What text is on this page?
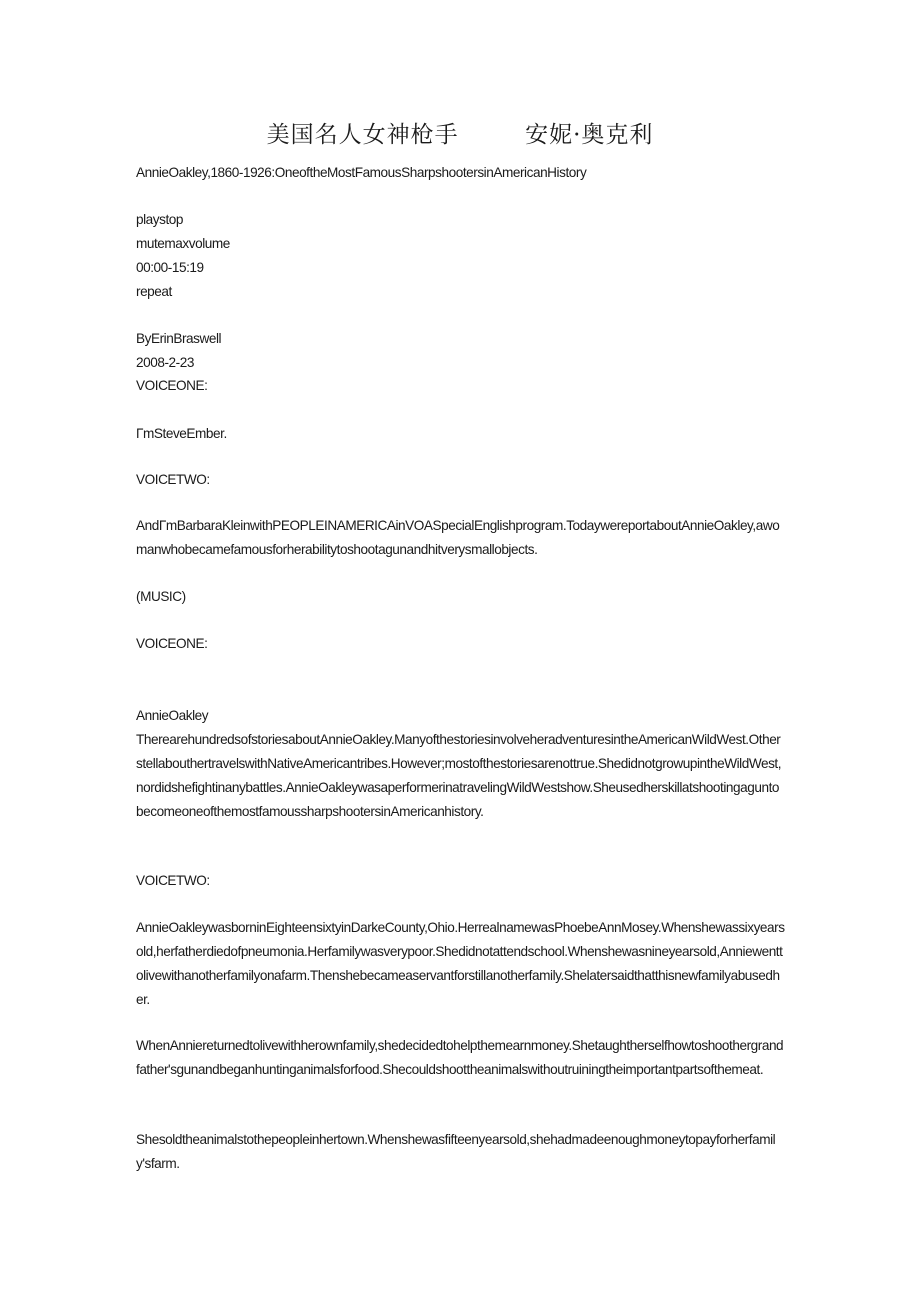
美国名人女神枪手        安妮·奥克利
AnnieOakley,1860-1926:OneoftheMostFamousSharpshootersinAmericanHistory
playstop
mutemaxvolume
00:00-15:19
repeat
ByErinBraswell
2008-2-23
VOICEONE:
ΓmSteveEmber.
VOICETWO:
AndΓmBarbaraKleinwithPEOPLEINAMERICAinVOASpecialEnglishprogram.TodaywereportaboutAnnieOakley,awomanwhobecamefamousforherabilitytoshootagunandhitverysmallobjects.
(MUSIC)
VOICEONE:
AnnieOakley
TherearehundredsofstoriesaboutAnnieOakley.ManyofthestoriesinvolveheradventuresintheAmericanWildWest.OtherstellabouthertravelswithNativeAmericantribes.However;mostofthestoriesarenottrue.ShedidnotgrowupintheWildWest,nordidshefightinanybattles.AnnieOakleywasaperformerinatravelingWildWestshow.SheusedherskillatshootingaguntobecomeoneofthemostfamoussharpshootersinAmericanhistory.
VOICETWO:
AnnieOakleywasborninEighteensixtyinDarkeCounty,Ohio.HerrealnamewasPhoebeAnnMosey.Whenshewassixyearsold,herfatherdiedofpneumonia.Herfamilywasverypoor.Shedidnotattendschool.Whenshewasnineyearsold,Anniewenttolivewithanotherfamilyonafarm.Thenshebecameaservantforstillanotherfamily.Shelatersaidthatthisnewfamilyabusedher.
WhenAnniereturnedtolivewithherownfamily,shedecidedtohelpthemearnmoney.Shetaughtherselfhowtoshoothergrandfather'sgunandbeganhuntinganimalsforfood.Shecouldshoottheanimalswithoutruiningtheimportantpartsofthemeat.
Shesoldtheanimalstothepeopleinhertown.Whenshewasfifteenyearsold,shehadmadeenoughmoneytopayforherfamily'sfarm.
